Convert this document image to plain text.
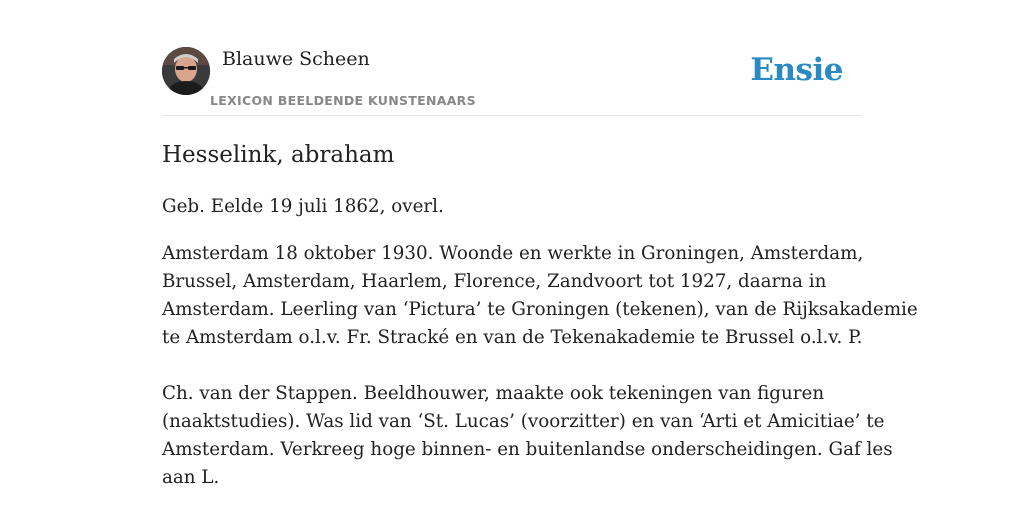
Blauwe Scheen
LEXICON BEELDENDE KUNSTENAARS
Ensie
Hesselink, abraham

Geb. Eelde 19 juli 1862, overl.

Amsterdam 18 oktober 1930. Woonde en werkte in Groningen, Amsterdam,
Brussel, Amsterdam, Haarlem, Florence, Zandvoort tot 1927, daarna in
Amsterdam. Leerling van ‘Pictura’ te Groningen (tekenen), van de Rijksakademie
te Amsterdam o.l.v. Fr. Stracké en van de Tekenakademie te Brussel o.l.v. P.

Ch. van der Stappen. Beeldhouwer, maakte ook tekeningen van figuren
(naaktstudies). Was lid van ‘St. Lucas’ (voorzitter) en van ‘Arti et Amicitiae’ te
Amsterdam. Verkreeg hoge binnen- en buitenlandse onderscheidingen. Gaf les
aan L.
